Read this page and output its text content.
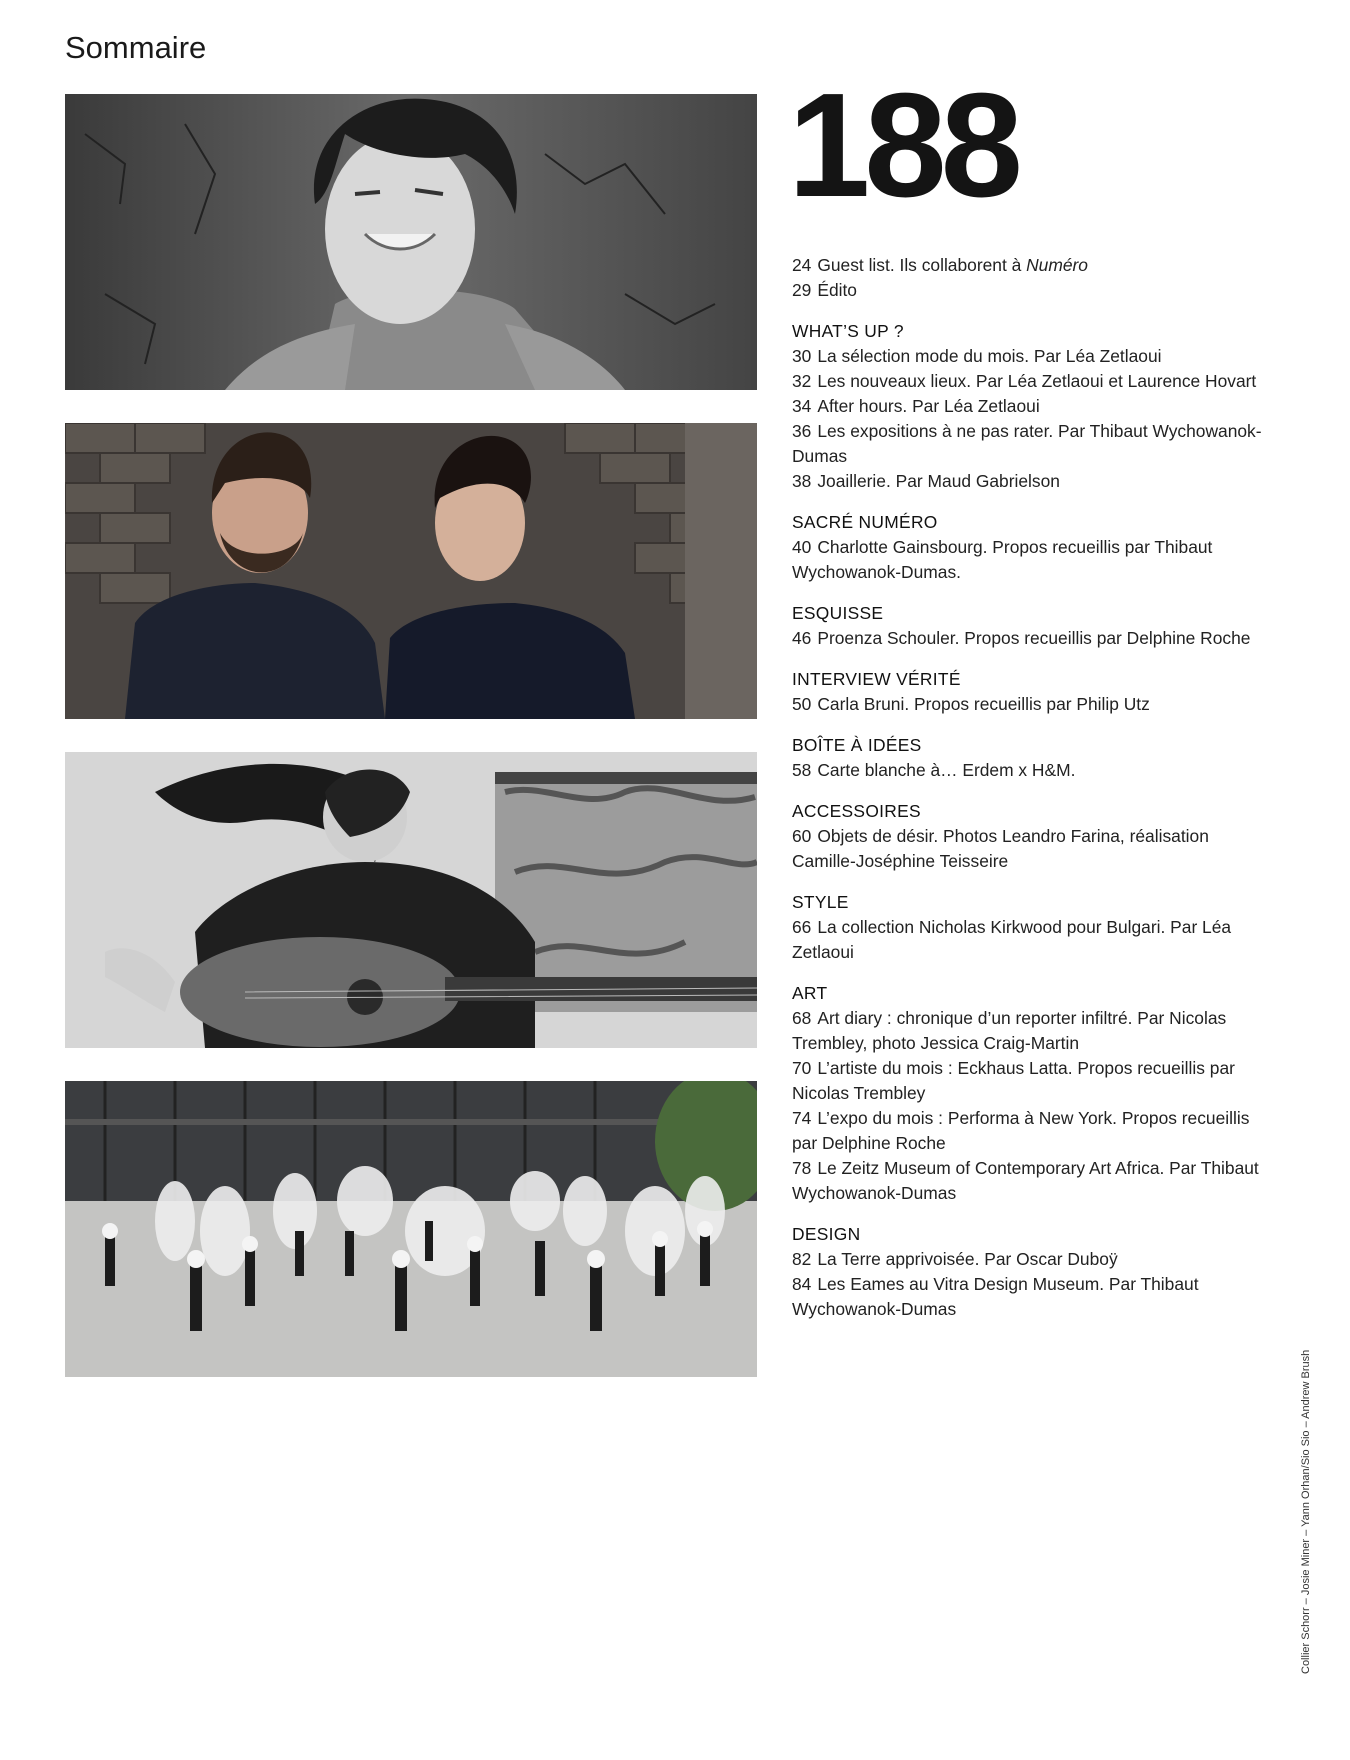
Sommaire
188
24 Guest list. Ils collaborent à Numéro
29 Édito
WHAT’S UP ?
30 La sélection mode du mois. Par Léa Zetlaoui
32 Les nouveaux lieux. Par Léa Zetlaoui et Laurence Hovart
34 After hours. Par Léa Zetlaoui
36 Les expositions à ne pas rater. Par Thibaut Wychowanok-Dumas
38 Joaillerie. Par Maud Gabrielson
SACRÉ NUMÉRO
40 Charlotte Gainsbourg. Propos recueillis par Thibaut Wychowanok-Dumas.
ESQUISSE
46 Proenza Schouler. Propos recueillis par Delphine Roche
INTERVIEW VÉRITÉ
50 Carla Bruni. Propos recueillis par Philip Utz
BOÎTE À IDÉES
58 Carte blanche à… Erdem x H&M.
ACCESSOIRES
60 Objets de désir. Photos Leandro Farina, réalisation Camille-Joséphine Teisseire
STYLE
66 La collection Nicholas Kirkwood pour Bulgari. Par Léa Zetlaoui
ART
68 Art diary : chronique d’un reporter infiltré. Par Nicolas Trembley, photo Jessica Craig-Martin
70 L’artiste du mois : Eckhaus Latta. Propos recueillis par Nicolas Trembley
74 L’expo du mois : Performa à New York. Propos recueillis par Delphine Roche
78 Le Zeitz Museum of Contemporary Art Africa. Par Thibaut Wychowanok-Dumas
DESIGN
82 La Terre apprivoisée. Par Oscar Duboÿ
84 Les Eames au Vitra Design Museum. Par Thibaut Wychowanok-Dumas
Collier Schorr – Josie Miner – Yann Orhan/Sio Sio – Andrew Brush
